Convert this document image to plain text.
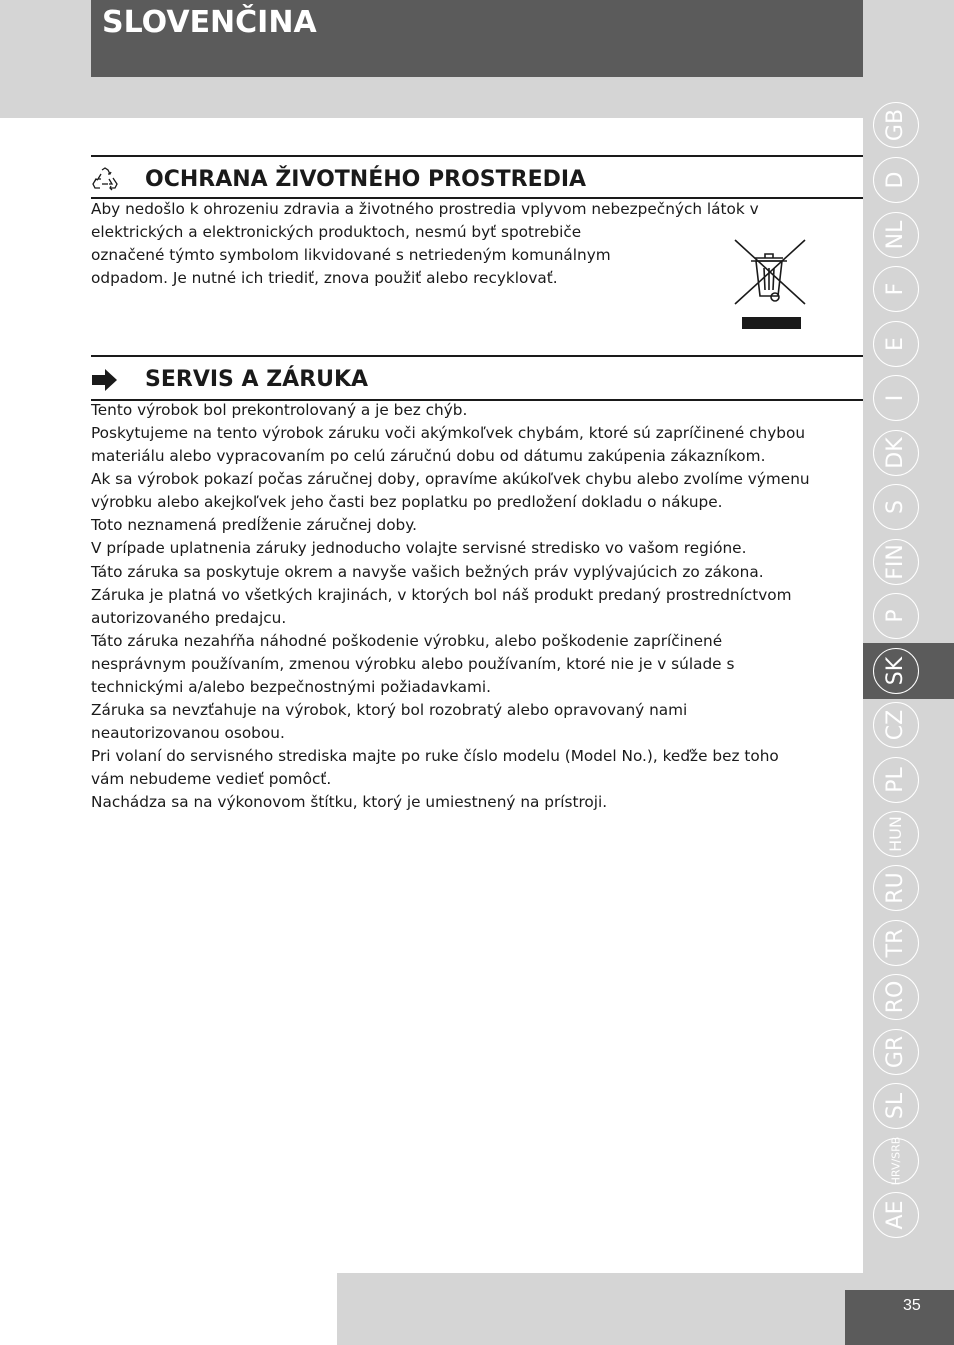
SLOVENČINA
OCHRANA ŽIVOTNÉHO PROSTREDIA
Aby nedošlo k ohrozeniu zdravia a životného prostredia vplyvom nebezpečných látok v
elektrických a elektronických produktoch, nesmú byť spotrebiče
označené týmto symbolom likvidované s netriedeným komunálnym
odpadom. Je nutné ich triediť, znova použiť alebo recyklovať.
SERVIS A ZÁRUKA
Tento výrobok bol prekontrolovaný a je bez chýb.
Poskytujeme na tento výrobok záruku voči akýmkoľvek chybám, ktoré sú zapríčinené chybou
materiálu alebo vypracovaním po celú záručnú dobu od dátumu zakúpenia zákazníkom.
Ak sa výrobok pokazí počas záručnej doby, opravíme akúkoľvek chybu alebo zvolíme výmenu
výrobku alebo akejkoľvek jeho časti bez poplatku po predložení dokladu o nákupe.
Toto neznamená predĺženie záručnej doby.
V prípade uplatnenia záruky jednoducho volajte servisné stredisko vo vašom regióne.
Táto záruka sa poskytuje okrem a navyše vašich bežných práv vyplývajúcich zo zákona.
Záruka je platná vo všetkých krajinách, v ktorých bol náš produkt predaný prostredníctvom
autorizovaného predajcu.
Táto záruka nezahŕňa náhodné poškodenie výrobku, alebo poškodenie zapríčinené
nesprávnym používaním, zmenou výrobku alebo používaním, ktoré nie je v súlade s
technickými a/alebo bezpečnostnými požiadavkami.
Záruka sa nevzťahuje na výrobok, ktorý bol rozobratý alebo opravovaný nami
neautorizovanou osobou.
Pri volaní do servisného strediska majte po ruke číslo modelu (Model No.), keďže bez toho
vám nebudeme vedieť pomôcť.
Nachádza sa na výkonovom štítku, ktorý je umiestnený na prístroji.
GB
D
NL
F
E
I
DK
S
FIN
P
SK
CZ
PL
HUN
RU
TR
RO
GR
SL
HRV/SRB
AE
35
